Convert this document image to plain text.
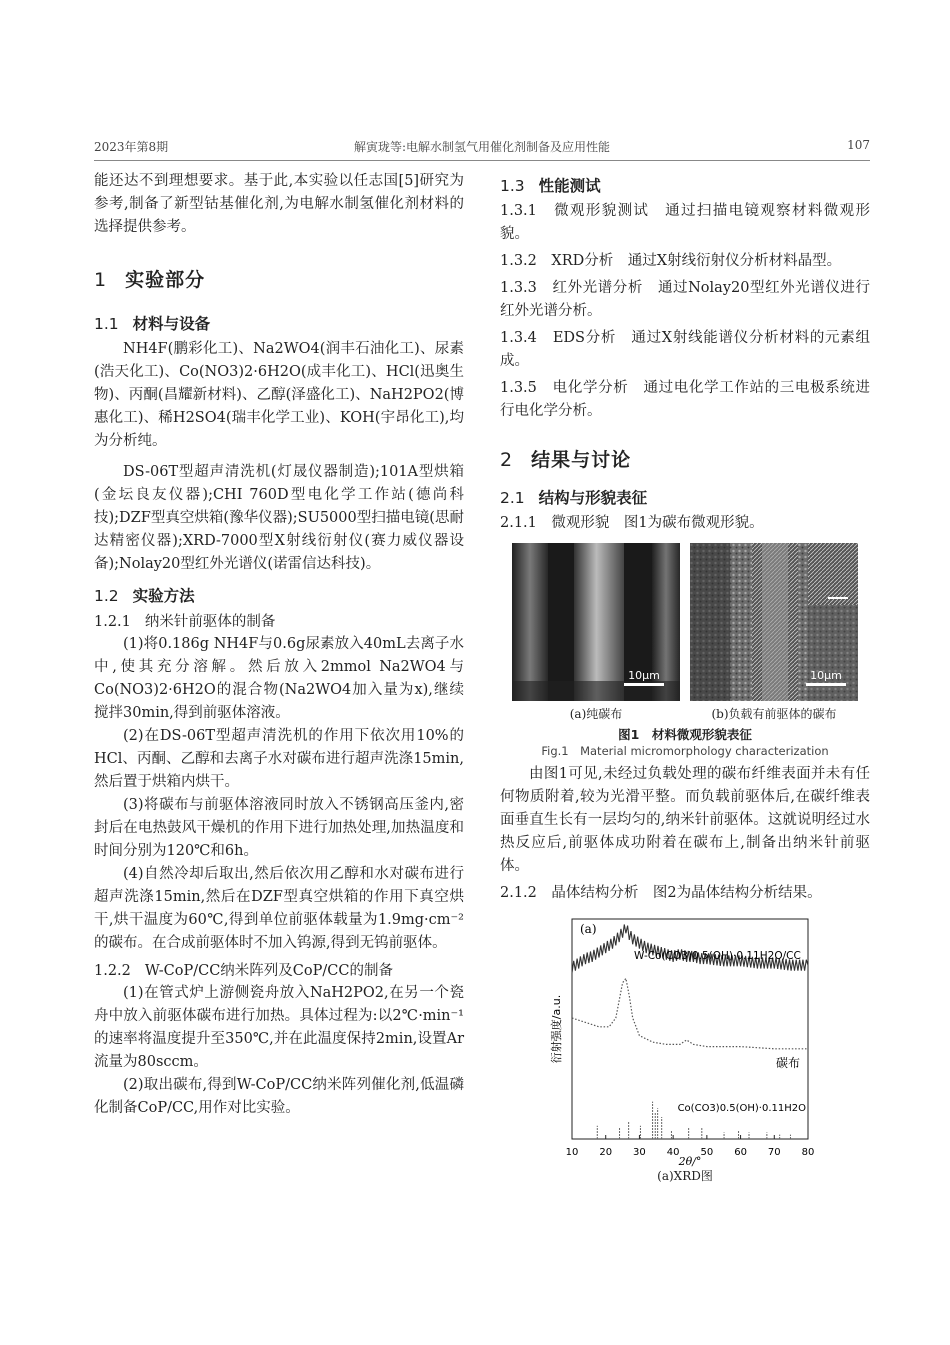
2023年第8期	解寅珑等:电解水制氢气用催化剂制备及应用性能	107

能还达不到理想要求。基于此,本实验以任志国[5]研究为参考,制备了新型钴基催化剂,为电解水制氢催化剂材料的选择提供参考。

1 实验部分
1.1 材料与设备

NH4F(鹏彩化工)、Na2WO4(润丰石油化工)、尿素(浩天化工)、Co(NO3)2·6H2O(成丰化工)、HCl(迅奥生物)、丙酮(昌耀新材料)、乙醇(泽盛化工)、NaH2PO2(博惠化工)、稀H2SO4(瑞丰化学工业)、KOH(宇昂化工),均为分析纯。

DS-06T型超声清洗机(灯晟仪器制造);101A型烘箱(金坛良友仪器);CHI 760D型电化学工作站(德尚科技);DZF型真空烘箱(豫华仪器);SU5000型扫描电镜(思耐达精密仪器);XRD-7000型X射线衍射仪(赛力威仪器设备);Nolay20型红外光谱仪(诺雷信达科技)。

1.2 实验方法
1.2.1 纳米针前驱体的制备

(1)将0.186g NH4F与0.6g尿素放入40mL去离子水中,使其充分溶解。然后放入2mmol Na2WO4与Co(NO3)2·6H2O的混合物(Na2WO4加入量为x),继续搅拌30min,得到前驱体溶液。

(2)在DS-06T型超声清洗机的作用下依次用10%的HCl、丙酮、乙醇和去离子水对碳布进行超声洗涤15min,然后置于烘箱内烘干。

(3)将碳布与前驱体溶液同时放入不锈钢高压釜内,密封后在电热鼓风干燥机的作用下进行加热处理,加热温度和时间分别为120℃和6h。

(4)自然冷却后取出,然后依次用乙醇和水对碳布进行超声洗涤15min,然后在DZF型真空烘箱的作用下真空烘干,烘干温度为60℃,得到单位前驱体载量为1.9mg·cm⁻²的碳布。在合成前驱体时不加入钨源,得到无钨前驱体。

1.2.2 W-CoP/CC纳米阵列及CoP/CC的制备

(1)在管式炉上游侧瓷舟放入NaH2PO2,在另一个瓷舟中放入前驱体碳布进行加热。具体过程为:以2℃·min⁻¹的速率将温度提升至350℃,并在此温度保持2min,设置Ar流量为80sccm。

(2)取出碳布,得到W-CoP/CC纳米阵列催化剂,低温磷化制备CoP/CC,用作对比实验。

1.3 性能测试

1.3.1　微观形貌测试　通过扫描电镜观察材料微观形貌。

1.3.2　XRD分析　通过X射线衍射仪分析材料晶型。

1.3.3　红外光谱分析　通过Nolay20型红外光谱仪进行红外光谱分析。

1.3.4　EDS分析　通过X射线能谱仪分析材料的元素组成。

1.3.5　电化学分析　通过电化学工作站的三电极系统进行电化学分析。

2 结果与讨论
2.1 结构与形貌表征

2.1.1　微观形貌　图1为碳布微观形貌。

10μm	10μm
(a)纯碳布	(b)负载有前驱体的碳布
图1　材料微观形貌表征
Fig.1　Material micromorphology characterization

由图1可见,未经过负载处理的碳布纤维表面并未有任何物质附着,较为光滑平整。而负载前驱体后,在碳纤维表面垂直生长有一层均匀的,纳米针前驱体。这就说明经过水热反应后,前驱体成功附着在碳布上,制备出纳米针前驱体。

2.1.2　晶体结构分析　图2为晶体结构分析结果。

(a)
衍射强度/a.u.
2θ/°
10 20 30 40 50 60 70 80
W-Co(CO3)0.5(OH)·0.11H2O/CC
碳布
Co(CO3)0.5(OH)·0.11H2O
(a)XRD图
